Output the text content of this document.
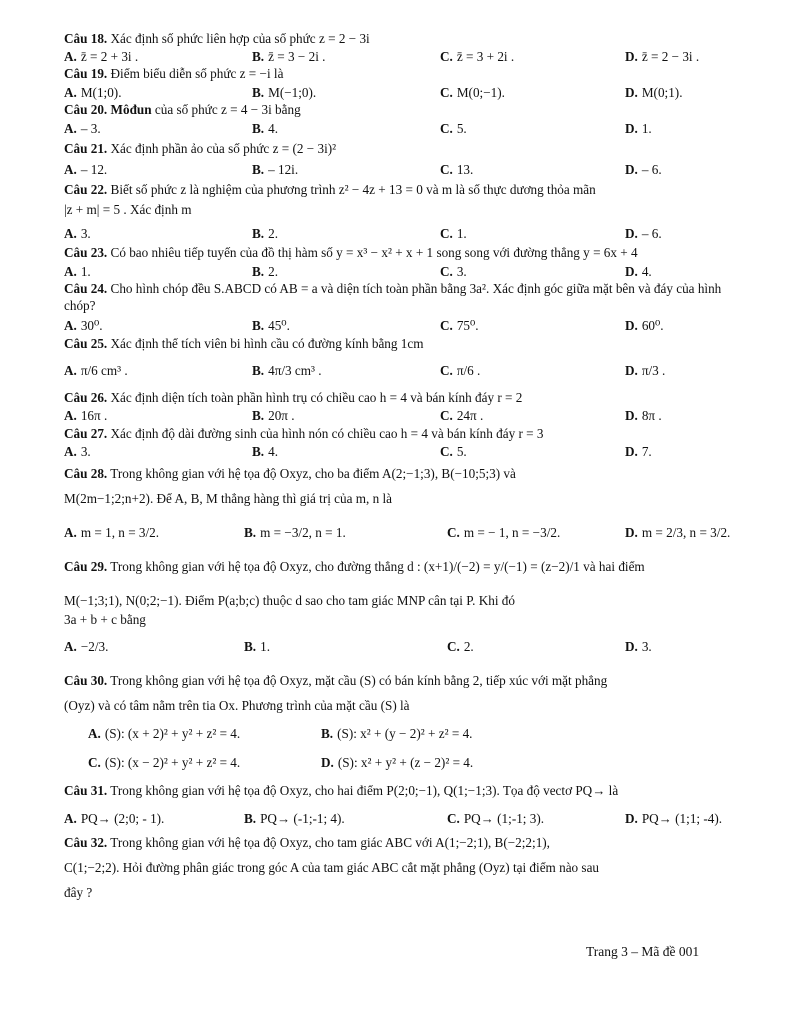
Câu 18. Xác định số phức liên hợp của số phức z = 2 − 3i
A. z̄ = 2 + 3i .	B. z̄ = 3 − 2i .	C. z̄ = 3 + 2i .	D. z̄ = 2 − 3i .
Câu 19. Điểm biểu diễn số phức z = −i là
A. M(1;0).	B. M(−1;0).	C. M(0;−1).	D. M(0;1).
Câu 20. Môđun của số phức z = 4 − 3i bằng
A. – 3.	B. 4.	C. 5.	D. 1.
Câu 21. Xác định phần ảo của số phức z = (2 − 3i)²
A. – 12.	B. – 12i.	C. 13.	D. – 6.
Câu 22. Biết số phức z là nghiệm của phương trình z² − 4z + 13 = 0 và m là số thực dương thỏa mãn
|z + m| = 5 . Xác định m
A. 3.	B. 2.	C. 1.	D. – 6.
Câu 23. Có bao nhiêu tiếp tuyến của đồ thị hàm số y = x³ − x² + x + 1 song song với đường thẳng y = 6x + 4
A. 1.	B. 2.	C. 3.	D. 4.
Câu 24. Cho hình chóp đều S.ABCD có AB = a và diện tích toàn phần bằng 3a². Xác định góc giữa mặt bên và đáy của hình chóp?
A. 30⁰.	B. 45⁰.	C. 75⁰.	D. 60⁰.
Câu 25. Xác định thể tích viên bi hình cầu có đường kính bằng 1cm
A. π/6 cm³ .	B. 4π/3 cm³ .	C. π/6 .	D. π/3 .
Câu 26. Xác định diện tích toàn phần hình trụ có chiều cao h = 4 và bán kính đáy r = 2
A. 16π .	B. 20π .	C. 24π .	D. 8π .
Câu 27. Xác định độ dài đường sinh của hình nón có chiều cao h = 4 và bán kính đáy r = 3
A. 3.	B. 4.	C. 5.	D. 7.
Câu 28. Trong không gian với hệ tọa độ Oxyz, cho ba điểm A(2;−1;3), B(−10;5;3) và
M(2m−1;2;n+2). Để A, B, M thẳng hàng thì giá trị của m, n là
A. m = 1, n = 3/2.	B. m = −3/2, n = 1.	C. m = − 1, n = −3/2.	D. m = 2/3, n = 3/2.
Câu 29. Trong không gian với hệ tọa độ Oxyz, cho đường thẳng d : (x+1)/(−2) = y/(−1) = (z−2)/1 và hai điểm
M(−1;3;1), N(0;2;−1). Điểm P(a;b;c) thuộc d sao cho tam giác MNP cân tại P. Khi đó
3a + b + c bằng
A. −2/3.	B. 1.	C. 2.	D. 3.
Câu 30. Trong không gian với hệ tọa độ Oxyz, mặt cầu (S) có bán kính bằng 2, tiếp xúc với mặt phẳng
(Oyz) và có tâm nằm trên tia Ox. Phương trình của mặt cầu (S) là
A. (S): (x + 2)² + y² + z² = 4.	B. (S): x² + (y − 2)² + z² = 4.
C. (S): (x − 2)² + y² + z² = 4.	D. (S): x² + y² + (z − 2)² = 4.
Câu 31. Trong không gian với hệ tọa độ Oxyz, cho hai điểm P(2;0;−1), Q(1;−1;3). Tọa độ vectơ PQ→ là
A. PQ→ (2;0; - 1).	B. PQ→ (-1;-1; 4).	C. PQ→ (1;-1; 3).	D. PQ→ (1;1; -4).
Câu 32. Trong không gian với hệ tọa độ Oxyz, cho tam giác ABC với A(1;−2;1), B(−2;2;1),
C(1;−2;2). Hỏi đường phân giác trong góc A của tam giác ABC cắt mặt phẳng (Oyz) tại điểm nào sau
đây ?
Trang 3 – Mã đề 001
